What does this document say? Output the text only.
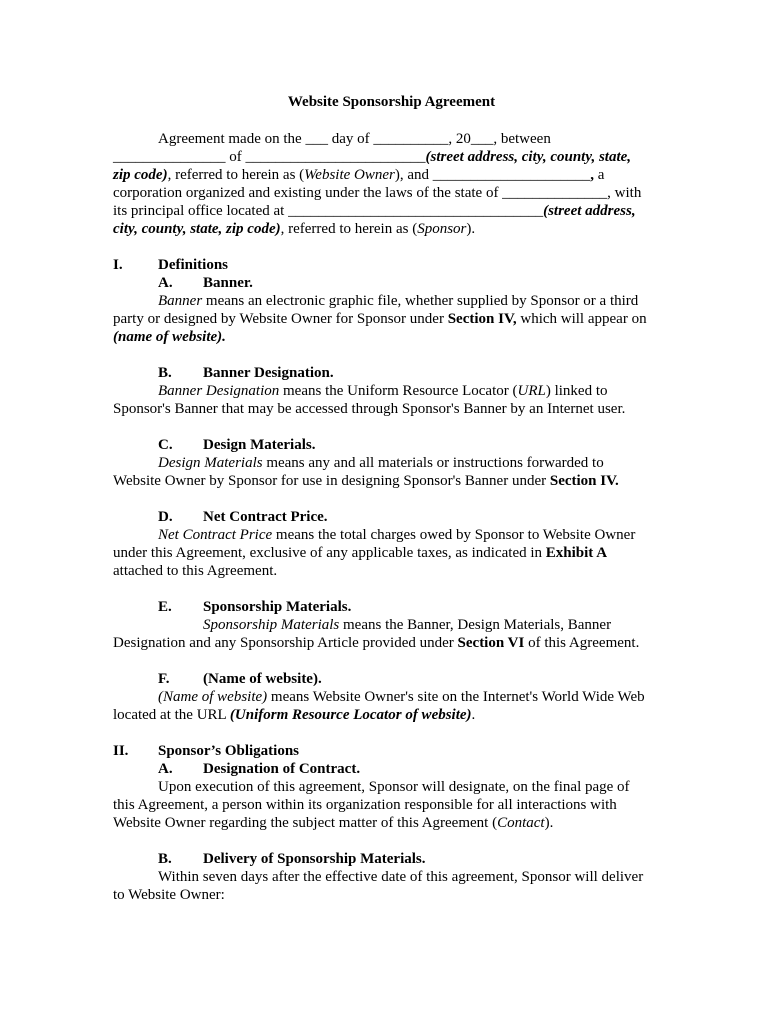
Website Sponsorship Agreement
Agreement made on the ___ day of __________, 20___, between
_______________ of ________________________(street address, city, county, state,
zip code), referred to herein as (Website Owner), and _____________________, a
corporation organized and existing under the laws of the state of ______________, with
its principal office located at __________________________________(street address,
city, county, state, zip code), referred to herein as (Sponsor).
I. Definitions
A. Banner.
Banner means an electronic graphic file, whether supplied by Sponsor or a third
party or designed by Website Owner for Sponsor under Section IV, which will appear on
(name of website).
B. Banner Designation.
Banner Designation means the Uniform Resource Locator (URL) linked to
Sponsor's Banner that may be accessed through Sponsor's Banner by an Internet user.
C. Design Materials.
Design Materials means any and all materials or instructions forwarded to
Website Owner by Sponsor for use in designing Sponsor's Banner under Section IV.
D. Net Contract Price.
Net Contract Price means the total charges owed by Sponsor to Website Owner
under this Agreement, exclusive of any applicable taxes, as indicated in Exhibit A
attached to this Agreement.
E. Sponsorship Materials.
Sponsorship Materials means the Banner, Design Materials, Banner
Designation and any Sponsorship Article provided under Section VI of this Agreement.
F. (Name of website).
(Name of website) means Website Owner's site on the Internet's World Wide Web
located at the URL (Uniform Resource Locator of website).
II. Sponsor’s Obligations
A. Designation of Contract.
Upon execution of this agreement, Sponsor will designate, on the final page of
this Agreement, a person within its organization responsible for all interactions with
Website Owner regarding the subject matter of this Agreement (Contact).
B. Delivery of Sponsorship Materials.
Within seven days after the effective date of this agreement, Sponsor will deliver
to Website Owner:
